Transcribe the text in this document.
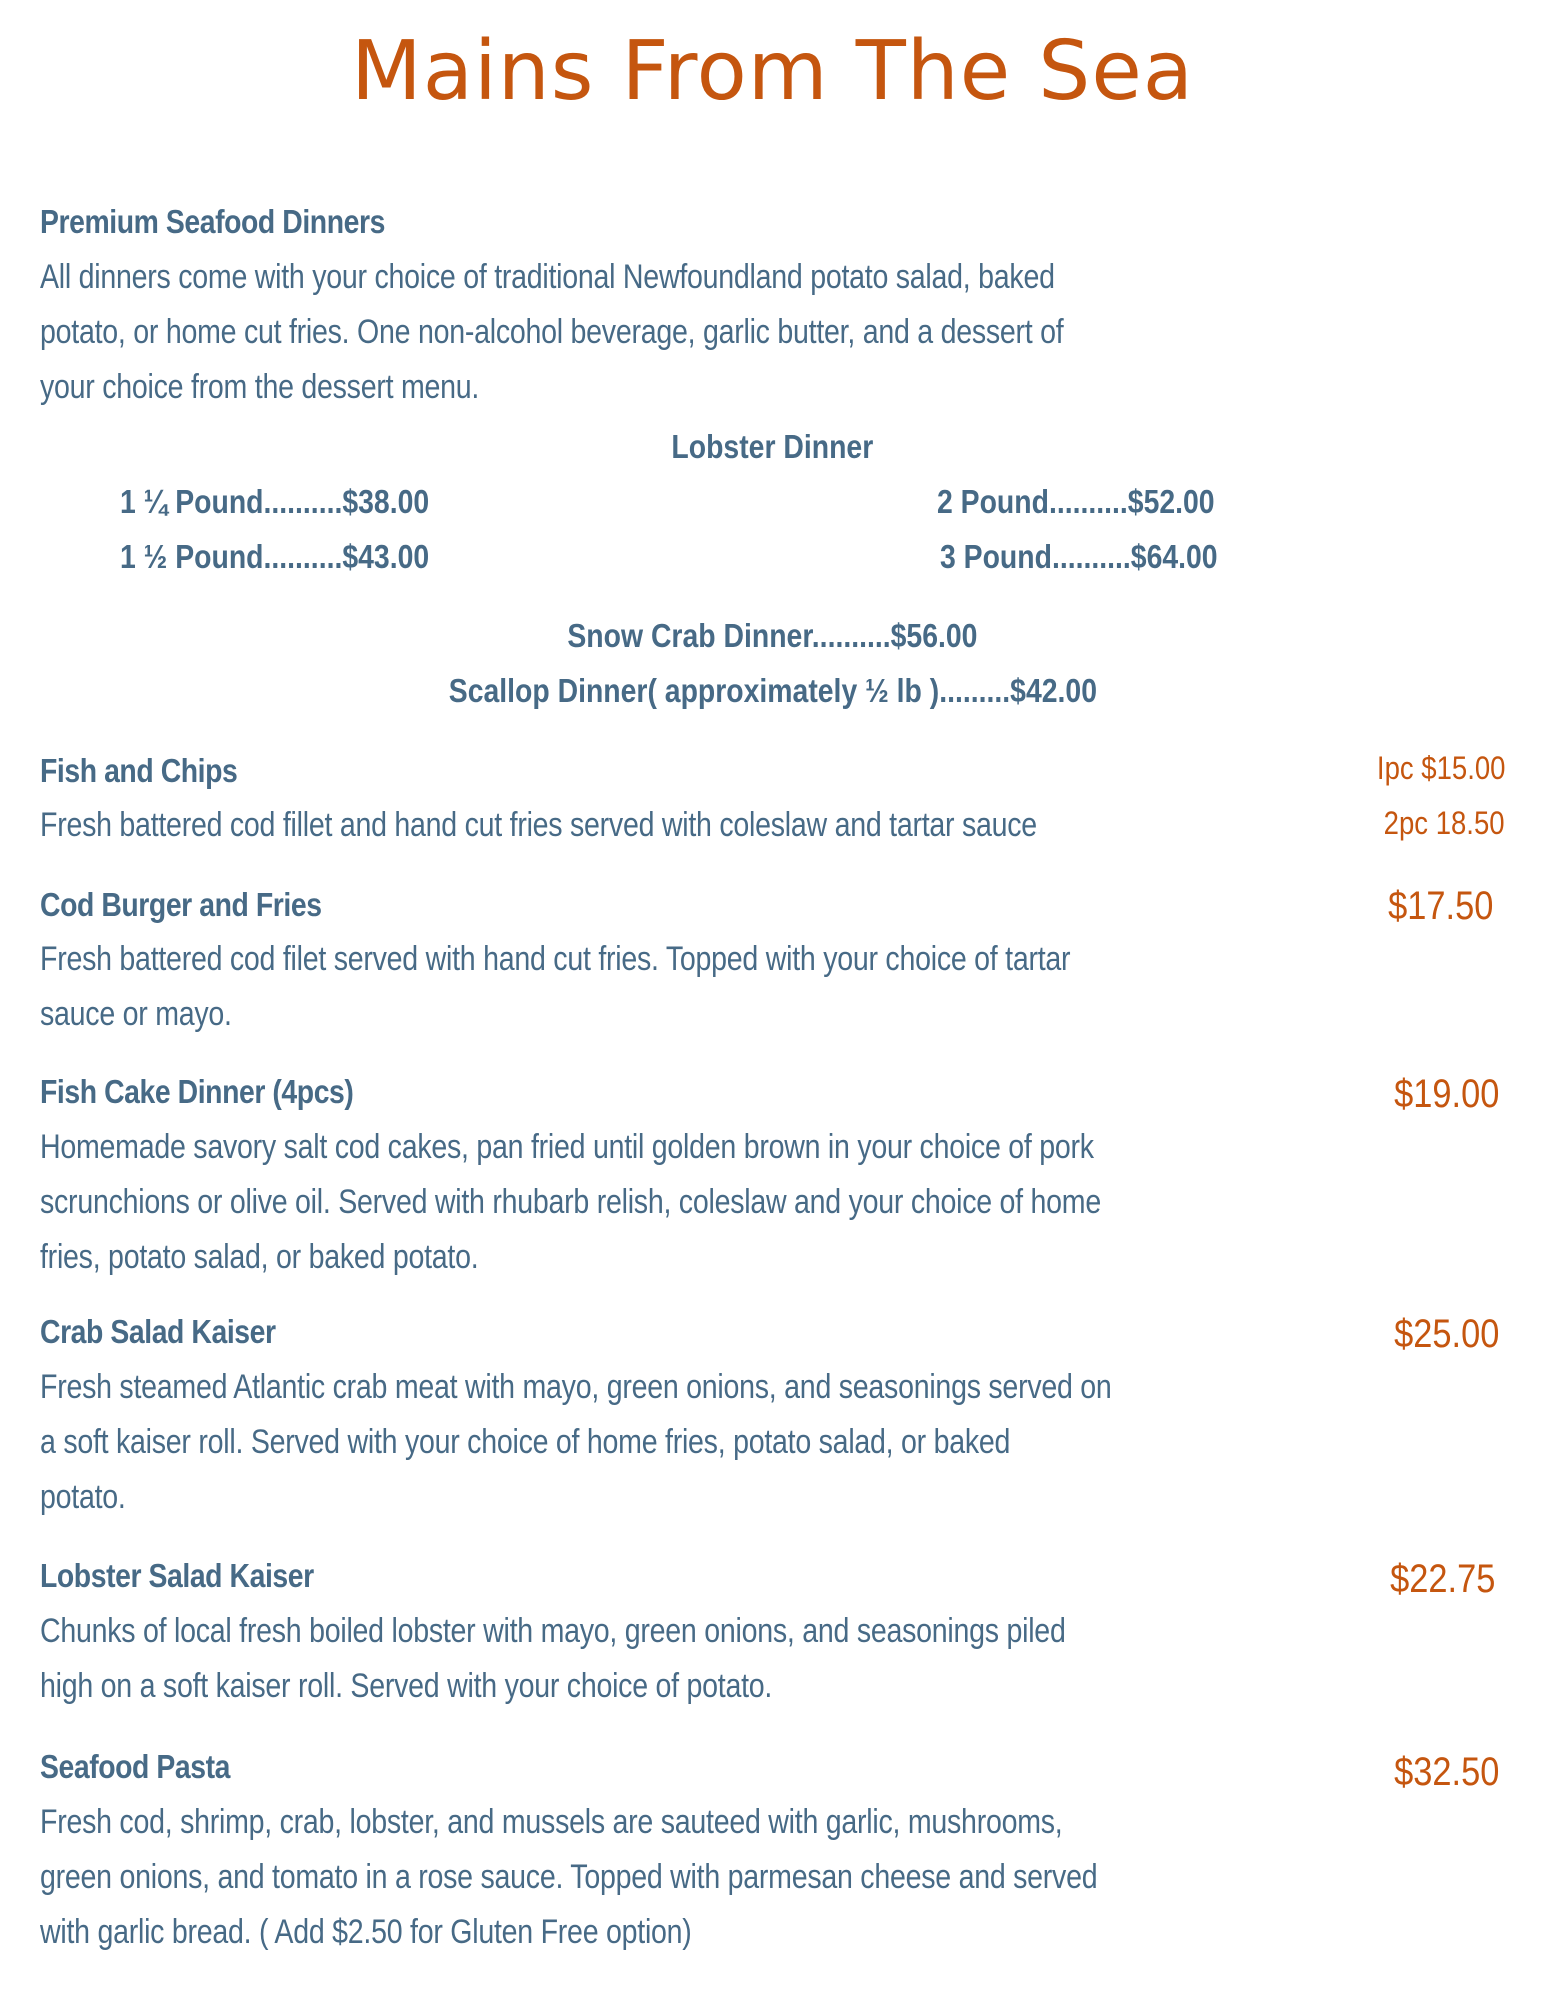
Mains From The Sea
Premium Seafood Dinners
All dinners come with your choice of traditional Newfoundland potato salad, baked
potato, or home cut fries. One non-alcohol beverage, garlic butter, and a dessert of
your choice from the dessert menu.
Lobster Dinner
1 ¼ Pound..........$38.00
1 ½ Pound..........$43.00
2 Pound..........$52.00
3 Pound..........$64.00
Snow Crab Dinner..........$56.00
Scallop Dinner( approximately ½ lb ).........$42.00
Fish and Chips
Fresh battered cod fillet and hand cut fries served with coleslaw and tartar sauce
Ipc $15.00
2pc 18.50
Cod Burger and Fries
Fresh battered cod filet served with hand cut fries. Topped with your choice of tartar
sauce or mayo.
$17.50
Fish Cake Dinner (4pcs)
Homemade savory salt cod cakes, pan fried until golden brown in your choice of pork
scrunchions or olive oil. Served with rhubarb relish, coleslaw and your choice of home
fries, potato salad, or baked potato.
$19.00
Crab Salad Kaiser
Fresh steamed Atlantic crab meat with mayo, green onions, and seasonings served on
a soft kaiser roll. Served with your choice of home fries, potato salad, or baked
potato.
$25.00
Lobster Salad Kaiser
Chunks of local fresh boiled lobster with mayo, green onions, and seasonings piled
high on a soft kaiser roll. Served with your choice of potato.
$22.75
Seafood Pasta
Fresh cod, shrimp, crab, lobster, and mussels are sauteed with garlic, mushrooms,
green onions, and tomato in a rose sauce. Topped with parmesan cheese and served
with garlic bread. ( Add $2.50 for Gluten Free option)
$32.50
